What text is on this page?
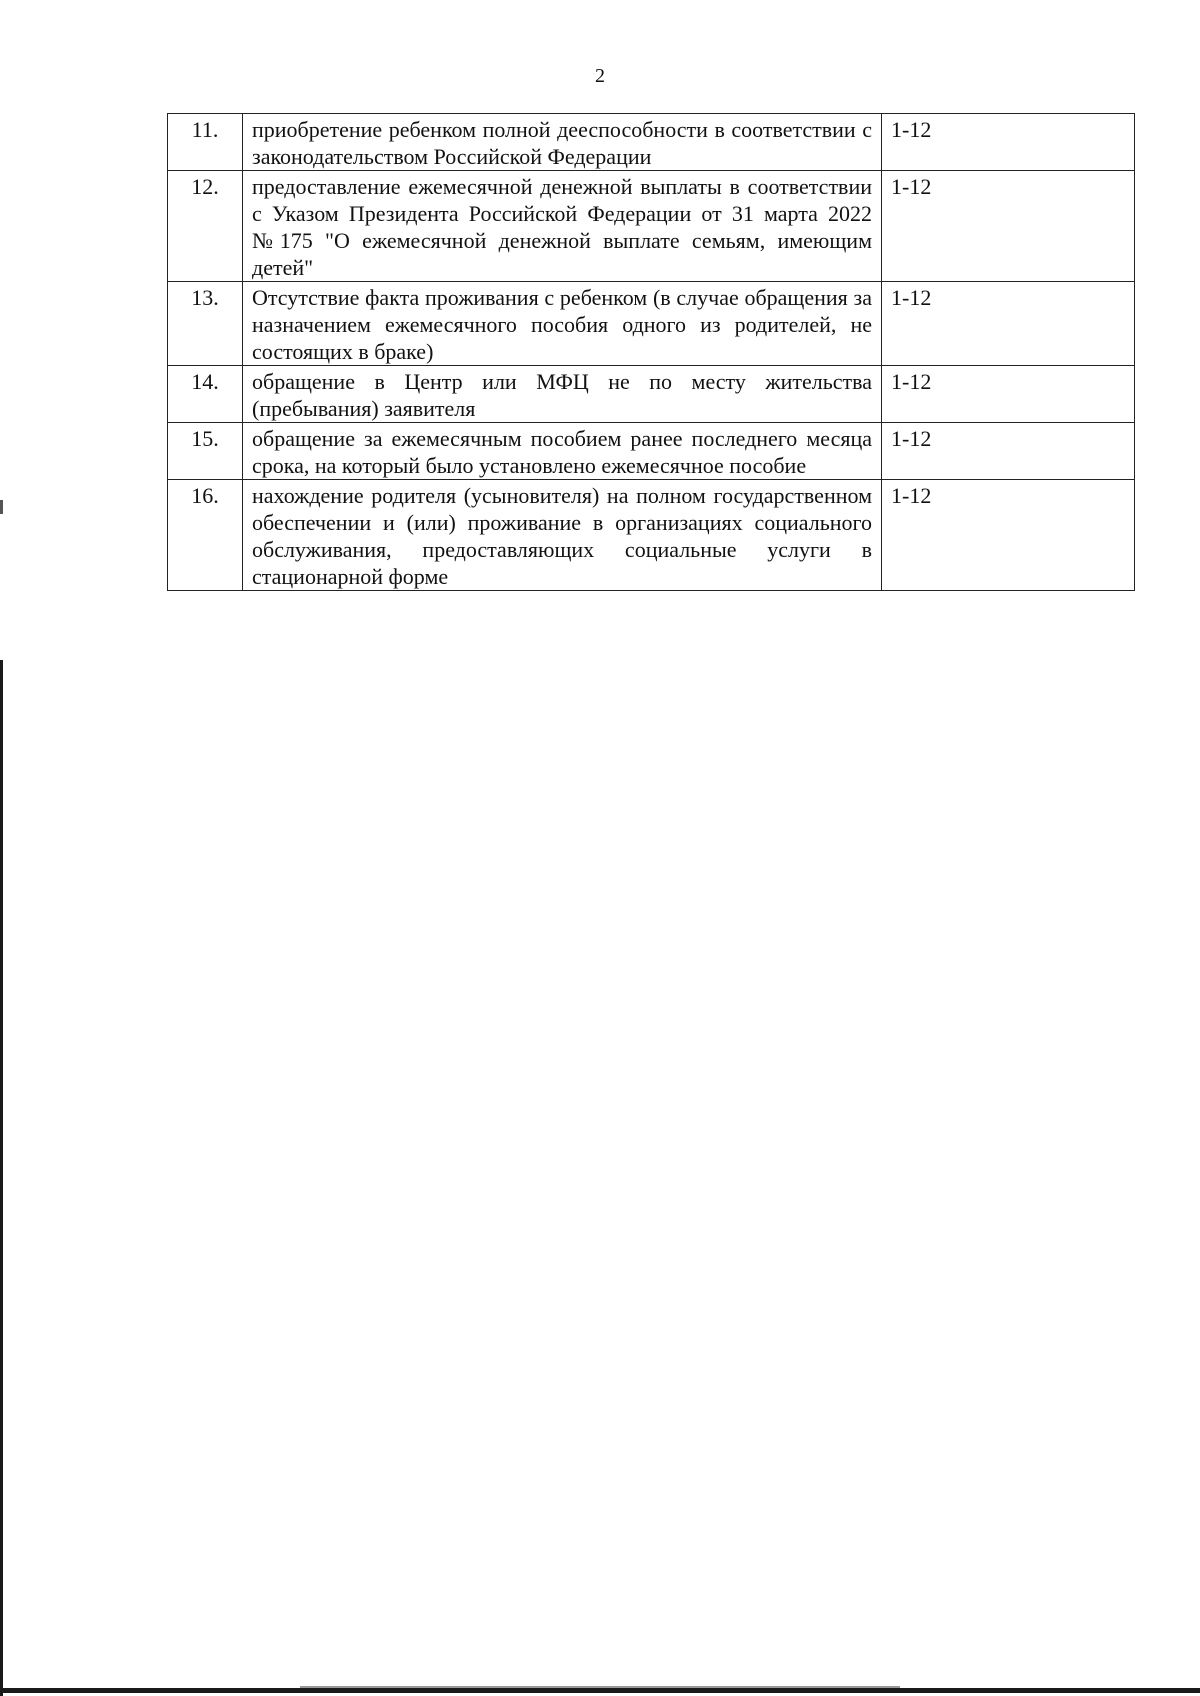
2
11.	приобретение ребенком полной дееспособности в соответствии с законодательством Российской Федерации	1-12
12.	предоставление ежемесячной денежной выплаты в соответствии с Указом Президента Российской Федерации от 31 марта 2022 №175 "О ежемесячной денежной выплате семьям, имеющим детей"	1-12
13.	Отсутствие факта проживания с ребенком (в случае обращения за назначением ежемесячного пособия одного из родителей, не состоящих в браке)	1-12
14.	обращение в Центр или МФЦ не по месту жительства (пребывания) заявителя	1-12
15.	обращение за ежемесячным пособием ранее последнего месяца срока, на который было установлено ежемесячное пособие	1-12
16.	нахождение родителя (усыновителя) на полном государственном обеспечении и (или) проживание в организациях социального обслуживания, предоставляющих социальные услуги в стационарной форме	1-12
